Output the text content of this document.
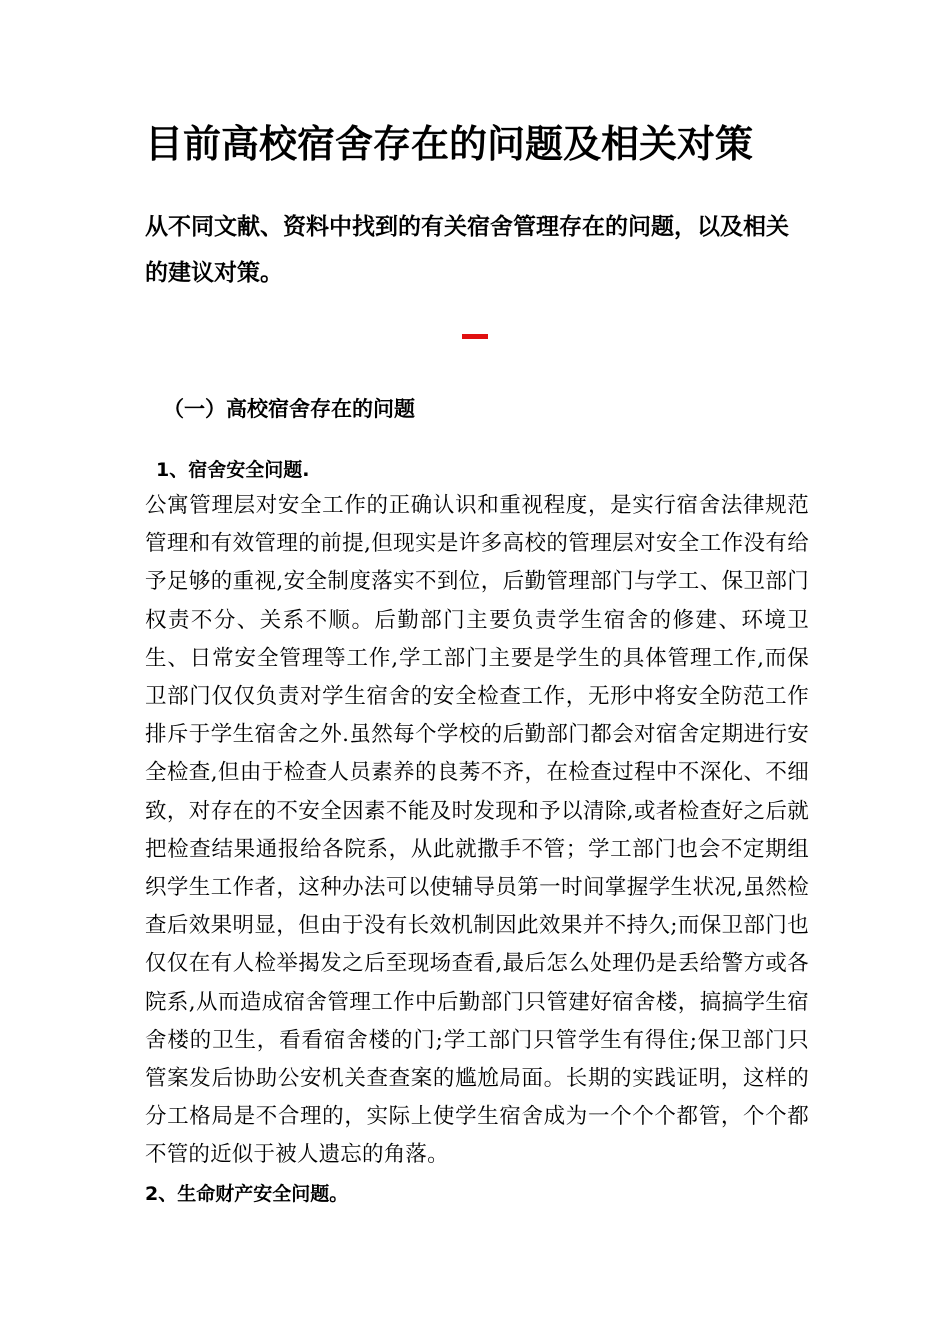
目前高校宿舍存在的问题及相关对策

从不同文献、资料中找到的有关宿舍管理存在的问题，以及相关的建议对策。

（一）高校宿舍存在的问题
1、宿舍安全问题.

公寓管理层对安全工作的正确认识和重视程度，是实行宿舍法律规范管理和有效管理的前提,但现实是许多高校的管理层对安全工作没有给予足够的重视,安全制度落实不到位，后勤管理部门与学工、保卫部门权责不分、关系不顺。后勤部门主要负责学生宿舍的修建、环境卫生、日常安全管理等工作,学工部门主要是学生的具体管理工作,而保卫部门仅仅负责对学生宿舍的安全检查工作，无形中将安全防范工作排斥于学生宿舍之外.虽然每个学校的后勤部门都会对宿舍定期进行安全检查,但由于检查人员素养的良莠不齐，在检查过程中不深化、不细致，对存在的不安全因素不能及时发现和予以清除,或者检查好之后就把检查结果通报给各院系，从此就撒手不管；学工部门也会不定期组织学生工作者，这种办法可以使辅导员第一时间掌握学生状况,虽然检查后效果明显，但由于没有长效机制因此效果并不持久;而保卫部门也仅仅在有人检举揭发之后至现场查看,最后怎么处理仍是丢给警方或各院系,从而造成宿舍管理工作中后勤部门只管建好宿舍楼，搞搞学生宿舍楼的卫生，看看宿舍楼的门;学工部门只管学生有得住;保卫部门只管案发后协助公安机关查查案的尴尬局面。长期的实践证明，这样的分工格局是不合理的，实际上使学生宿舍成为一个个个都管，个个都不管的近似于被人遗忘的角落。

2、生命财产安全问题。
